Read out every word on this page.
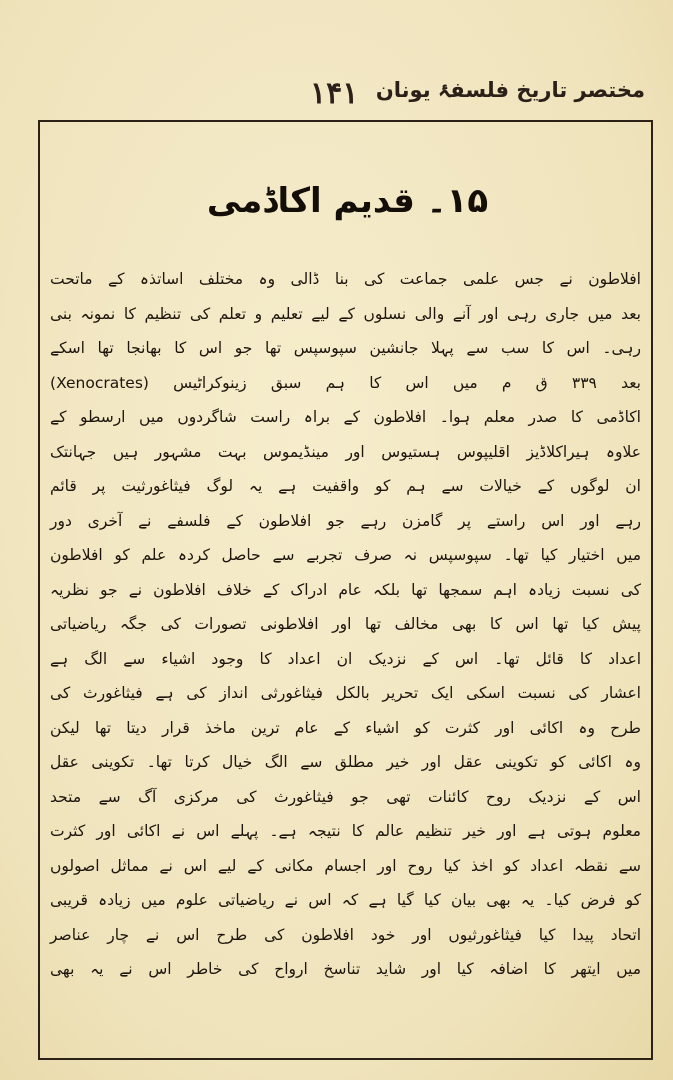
۱۴۱ مختصر تاریخ فلسفۂ یونان
۱۵۔ قدیم اکاڈمی
افلاطون نے جس علمی جماعت کی بنا ڈالی وہ مختلف اساتذہ کے ماتحت
بعد میں جاری رہی اور آنے والی نسلوں کے لیے تعلیم و تعلم کی تنظیم کا نمونہ بنی
رہی۔ اس کا سب سے پہلا جانشین سپوسپس تھا جو اس کا بھانجا تھا اسکے
بعد ۳۳۹ ق م میں اس کا ہم سبق زینوکراٹیس (Xenocrates)
اکاڈمی کا صدر معلم ہوا۔ افلاطون کے براہ راست شاگردوں میں ارسطو کے
علاوہ ہیراکلاڈیز اقلیپوس ہستیوس اور مینڈیموس بہت مشہور ہیں جہانتک
ان لوگوں کے خیالات سے ہم کو واقفیت ہے یہ لوگ فیثاغورثیت پر قائم
رہے اور اس راستے پر گامزن رہے جو افلاطون کے فلسفے نے آخری دور
میں اختیار کیا تھا۔ سپوسپس نہ صرف تجربے سے حاصل کردہ علم کو افلاطون
کی نسبت زیادہ اہم سمجھا تھا بلکہ عام ادراک کے خلاف افلاطون نے جو نظریہ
پیش کیا تھا اس کا بھی مخالف تھا اور افلاطونی تصورات کی جگہ ریاضیاتی
اعداد کا قائل تھا۔ اس کے نزدیک ان اعداد کا وجود اشیاء سے الگ ہے
اعشار کی نسبت اسکی ایک تحریر بالکل فیثاغورثی انداز کی ہے فیثاغورث کی
طرح وہ اکائی اور کثرت کو اشیاء کے عام ترین ماخذ قرار دیتا تھا لیکن
وہ اکائی کو تکوینی عقل اور خیر مطلق سے الگ خیال کرتا تھا۔ تکوینی عقل
اس کے نزدیک روح کائنات تھی جو فیثاغورث کی مرکزی آگ سے متحد
معلوم ہوتی ہے اور خیر تنظیم عالم کا نتیجہ ہے۔ پہلے اس نے اکائی اور کثرت
سے نقطہ اعداد کو اخذ کیا روح اور اجسام مکانی کے لیے اس نے مماثل اصولوں
کو فرض کیا۔ یہ بھی بیان کیا گیا ہے کہ اس نے ریاضیاتی علوم میں زیادہ قریبی
اتحاد پیدا کیا فیثاغورثیوں اور خود افلاطون کی طرح اس نے چار عناصر
میں ایتھر کا اضافہ کیا اور شاید تناسخ ارواح کی خاطر اس نے یہ بھی
